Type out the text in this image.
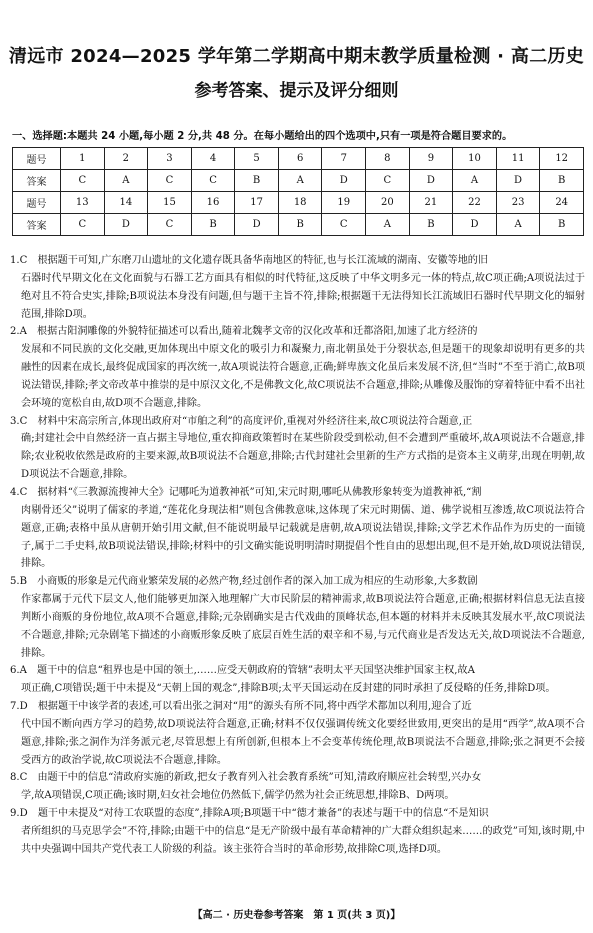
清远市 2024—2025 学年第二学期高中期末教学质量检测 · 高二历史
参考答案、提示及评分细则
一、选择题:本题共 24 小题,每小题 2 分,共 48 分。在每小题给出的四个选项中,只有一项是符合题目要求的。
题号	1	2	3	4	5	6	7	8	9	10	11	12
答案	C	A	C	C	B	A	D	C	D	A	D	B
题号	13	14	15	16	17	18	19	20	21	22	23	24
答案	C	D	C	B	D	B	C	A	B	D	A	B
1.C　根据题干可知,广东磨刀山遗址的文化遗存既具备华南地区的特征,也与长江流域的湖南、安徽等地的旧
石器时代早期文化在文化面貌与石器工艺方面具有相似的时代特征,这反映了中华文明多元一体的特点,故C项正确;A项说法过于绝对且不符合史实,排除;B项说法本身没有问题,但与题干主旨不符,排除;根据题干无法得知长江流域旧石器时代早期文化的辐射范围,排除D项。
2.A　根据古阳洞雕像的外貌特征描述可以看出,随着北魏孝文帝的汉化改革和迁都洛阳,加速了北方经济的
发展和不同民族的文化交融,更加体现出中原文化的吸引力和凝聚力,南北朝虽处于分裂状态,但是题干的现象却说明有更多的共融性的因素在成长,最终促成国家的再次统一,故A项说法符合题意,正确;鲜卑族文化虽后来发展不济,但“当时”不至于消亡,故B项说法错误,排除;孝文帝改革中推崇的是中原汉文化,不是佛教文化,故C项说法不合题意,排除;从雕像及服饰的穿着特征中看不出社会环境的宽松自由,故D项不合题意,排除。
3.C　材料中宋高宗所言,体现出政府对“市舶之利”的高度评价,重视对外经济往来,故C项说法符合题意,正
确;封建社会中自然经济一直占据主导地位,重农抑商政策暂时在某些阶段受到松动,但不会遭到严重破坏,故A项说法不合题意,排除;农业税收依然是政府的主要来源,故B项说法不合题意,排除;古代封建社会里新的生产方式指的是资本主义萌芽,出现在明朝,故D项说法不合题意,排除。
4.C　据材料“《三教源流搜神大全》记哪吒为道教神祇”可知,宋元时期,哪吒从佛教形象转变为道教神祇,“割
肉剔骨还父”说明了儒家的孝道,“莲花化身现法相”则包含佛教意味,这体现了宋元时期儒、道、佛学说相互渗透,故C项说法符合题意,正确;表格中虽从唐朝开始引用文献,但不能说明最早记载就是唐朝,故A项说法错误,排除;文学艺术作品作为历史的一面镜子,属于二手史料,故B项说法错误,排除;材料中的引文确实能说明明清时期提倡个性自由的思想出现,但不是开始,故D项说法错误,排除。
5.B　小商贩的形象是元代商业繁荣发展的必然产物,经过创作者的深入加工成为相应的生动形象,大多数剧
作家都属于元代下层文人,他们能够更加深入地理解广大市民阶层的精神需求,故B项说法符合题意,正确;根据材料信息无法直接判断小商贩的身份地位,故A项不合题意,排除;元杂剧确实是古代戏曲的顶峰状态,但本题的材料并未反映其发展水平,故C项说法不合题意,排除;元杂剧笔下描述的小商贩形象反映了底层百姓生活的艰辛和不易,与元代商业是否发达无关,故D项说法不合题意,排除。
6.A　题干中的信息“租界也是中国的领土,……应受天朝政府的管辖”表明太平天国坚决维护国家主权,故A
项正确,C项错误;题干中未提及“天朝上国的观念”,排除B项;太平天国运动在反封建的同时承担了反侵略的任务,排除D项。
7.D　根据题干中该学者的表述,可以看出张之洞对“用”的源头有所不同,将中西学术都加以利用,迎合了近
代中国不断向西方学习的趋势,故D项说法符合题意,正确;材料不仅仅强调传统文化要经世致用,更突出的是用“西学”,故A项不合题意,排除;张之洞作为洋务派元老,尽管思想上有所创新,但根本上不会变革传统伦理,故B项说法不合题意,排除;张之洞更不会接受西方的政治学说,故C项说法不合题意,排除。
8.C　由题干中的信息“清政府实施的新政,把女子教育列入社会教育系统”可知,清政府顺应社会转型,兴办女
学,故A项错误,C项正确;该时期,妇女社会地位仍然低下,儒学仍然为社会正统思想,排除B、D两项。
9.D　题干中未提及“对待工农联盟的态度”,排除A项;B项题干中“德才兼备”的表述与题干中的信息“不是知识
者所组织的马克思学会”不符,排除;由题干中的信息“是无产阶级中最有革命精神的广大群众组织起来……的政党”可知,该时期,中共中央强调中国共产党代表工人阶级的利益。该主张符合当时的革命形势,故排除C项,选择D项。
【高二 · 历史卷参考答案　第 1 页(共 3 页)】
